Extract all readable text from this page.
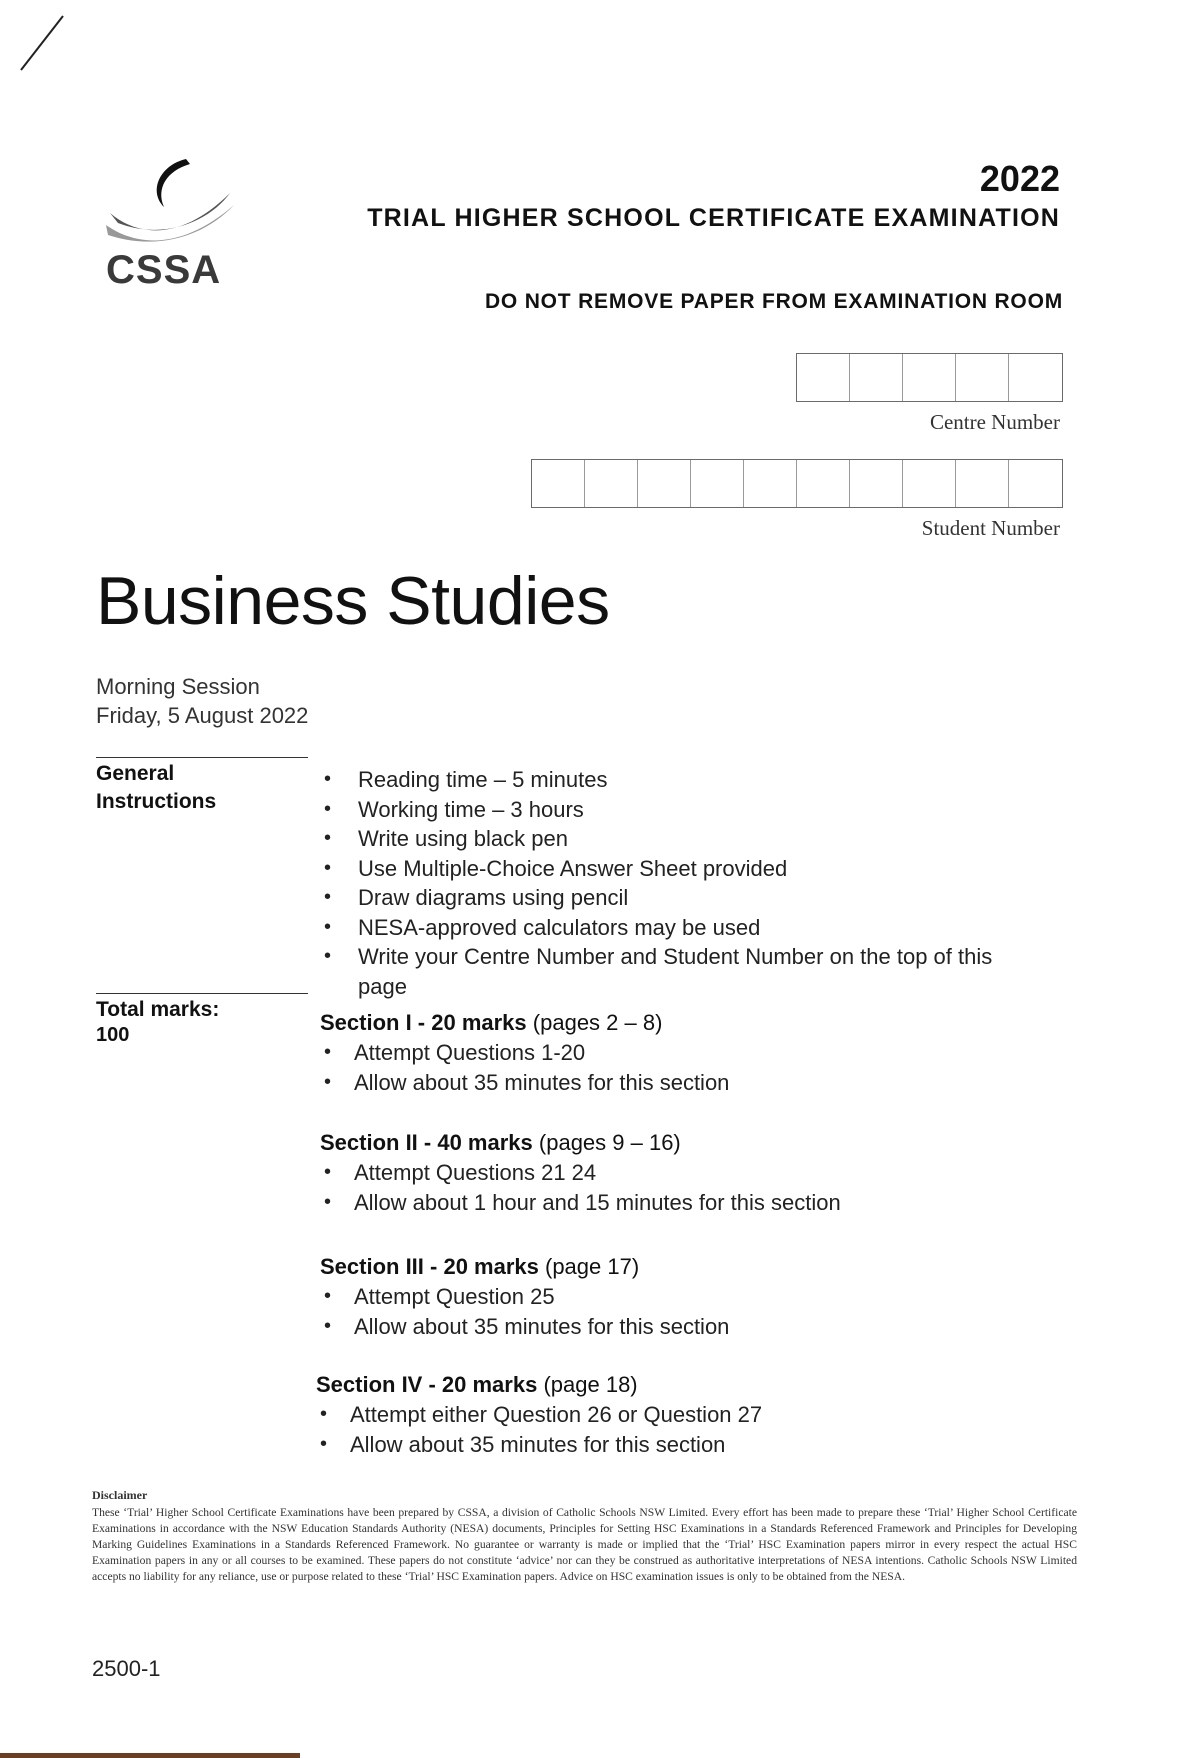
CSSA
2022
TRIAL HIGHER SCHOOL CERTIFICATE EXAMINATION
DO NOT REMOVE PAPER FROM EXAMINATION ROOM
Centre Number
Student Number
Business Studies
Morning Session
Friday, 5 August 2022
General Instructions
• Reading time – 5 minutes
• Working time – 3 hours
• Write using black pen
• Use Multiple-Choice Answer Sheet provided
• Draw diagrams using pencil
• NESA-approved calculators may be used
• Write your Centre Number and Student Number on the top of this page
Total marks:
100	Section I - 20 marks (pages 2 – 8)
• Attempt Questions 1-20
• Allow about 35 minutes for this section
Section II - 40 marks (pages 9 – 16)
• Attempt Questions 21 24
• Allow about 1 hour and 15 minutes for this section
Section III - 20 marks (page 17)
• Attempt Question 25
• Allow about 35 minutes for this section
Section IV - 20 marks (page 18)
• Attempt either Question 26 or Question 27
• Allow about 35 minutes for this section
Disclaimer
These ‘Trial’ Higher School Certificate Examinations have been prepared by CSSA, a division of Catholic Schools NSW Limited. Every effort has been made to prepare these ‘Trial’ Higher School Certificate Examinations in accordance with the NSW Education Standards Authority (NESA) documents, Principles for Setting HSC Examinations in a Standards Referenced Framework and Principles for Developing Marking Guidelines Examinations in a Standards Referenced Framework. No guarantee or warranty is made or implied that the ‘Trial’ HSC Examination papers mirror in every respect the actual HSC Examination papers in any or all courses to be examined. These papers do not constitute ‘advice’ nor can they be construed as authoritative interpretations of NESA intentions. Catholic Schools NSW Limited accepts no liability for any reliance, use or purpose related to these ‘Trial’ HSC Examination papers. Advice on HSC examination issues is only to be obtained from the NESA.
2500-1
